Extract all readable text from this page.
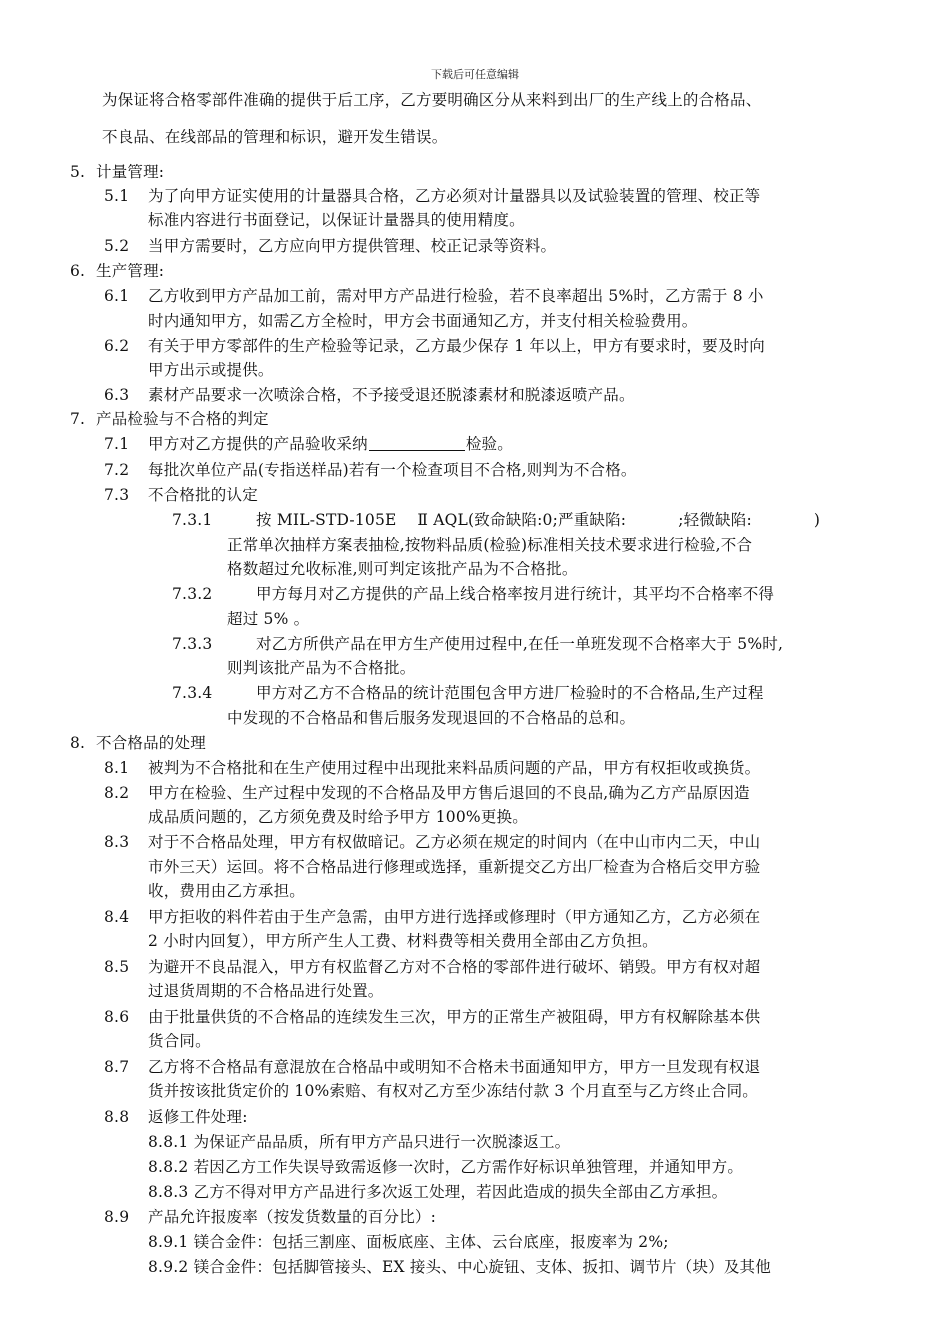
下载后可任意编辑
为保证将合格零部件准确的提供于后工序，乙方要明确区分从来料到出厂的生产线上的合格品、
不良品、在线部品的管理和标识，避开发生错误。
5. 计量管理:
5.1 为了向甲方证实使用的计量器具合格，乙方必须对计量器具以及试验装置的管理、校正等
标准内容进行书面登记，以保证计量器具的使用精度。
5.2 当甲方需要时，乙方应向甲方提供管理、校正记录等资料。
6. 生产管理:
6.1 乙方收到甲方产品加工前，需对甲方产品进行检验，若不良率超出 5%时，乙方需于 8 小
时内通知甲方，如需乙方全检时，甲方会书面通知乙方，并支付相关检验费用。
6.2 有关于甲方零部件的生产检验等记录，乙方最少保存 1 年以上，甲方有要求时，要及时向
甲方出示或提供。
6.3 素材产品要求一次喷涂合格，不予接受退还脱漆素材和脱漆返喷产品。
7. 产品检验与不合格的判定
7.1 甲方对乙方提供的产品验收采纳	检验。
7.2 每批次单位产品(专指送样品)若有一个检查项目不合格,则判为不合格。
7.3 不合格批的认定
7.3.1	按 MIL-STD-105E　 Ⅱ AQL(致命缺陷:0;严重缺陷:	;轻微缺陷:	)
正常单次抽样方案表抽检,按物料品质(检验)标准相关技术要求进行检验,不合
格数超过允收标准,则可判定该批产品为不合格批。
7.3.2	甲方每月对乙方提供的产品上线合格率按月进行统计，其平均不合格率不得
超过 5% 。
7.3.3	对乙方所供产品在甲方生产使用过程中,在任一单班发现不合格率大于 5%时,
则判该批产品为不合格批。
7.3.4	甲方对乙方不合格品的统计范围包含甲方进厂检验时的不合格品,生产过程
中发现的不合格品和售后服务发现退回的不合格品的总和。
8. 不合格品的处理
8.1 被判为不合格批和在生产使用过程中出现批来料品质问题的产品，甲方有权拒收或换货。
8.2 甲方在检验、生产过程中发现的不合格品及甲方售后退回的不良品,确为乙方产品原因造
成品质问题的，乙方须免费及时给予甲方 100%更换。
8.3 对于不合格品处理，甲方有权做暗记。乙方必须在规定的时间内（在中山市内二天，中山
市外三天）运回。将不合格品进行修理或选择，重新提交乙方出厂检查为合格后交甲方验
收，费用由乙方承担。
8.4 甲方拒收的料件若由于生产急需，由甲方进行选择或修理时（甲方通知乙方，乙方必须在
2 小时内回复），甲方所产生人工费、材料费等相关费用全部由乙方负担。
8.5 为避开不良品混入，甲方有权监督乙方对不合格的零部件进行破坏、销毁。甲方有权对超
过退货周期的不合格品进行处置。
8.6 由于批量供货的不合格品的连续发生三次，甲方的正常生产被阻碍，甲方有权解除基本供
货合同。
8.7 乙方将不合格品有意混放在合格品中或明知不合格未书面通知甲方，甲方一旦发现有权退
货并按该批货定价的 10%索赔、有权对乙方至少冻结付款 3 个月直至与乙方终止合同。
8.8 返修工件处理:
8.8.1 为保证产品品质，所有甲方产品只进行一次脱漆返工。
8.8.2 若因乙方工作失误导致需返修一次时，乙方需作好标识单独管理，并通知甲方。
8.8.3 乙方不得对甲方产品进行多次返工处理，若因此造成的损失全部由乙方承担。
8.9 产品允许报废率（按发货数量的百分比）:
8.9.1 镁合金件：包括三割座、面板底座、主体、云台底座，报废率为 2%;
8.9.2 镁合金件：包括脚管接头、EX 接头、中心旋钮、支体、扳扣、调节片（块）及其他
